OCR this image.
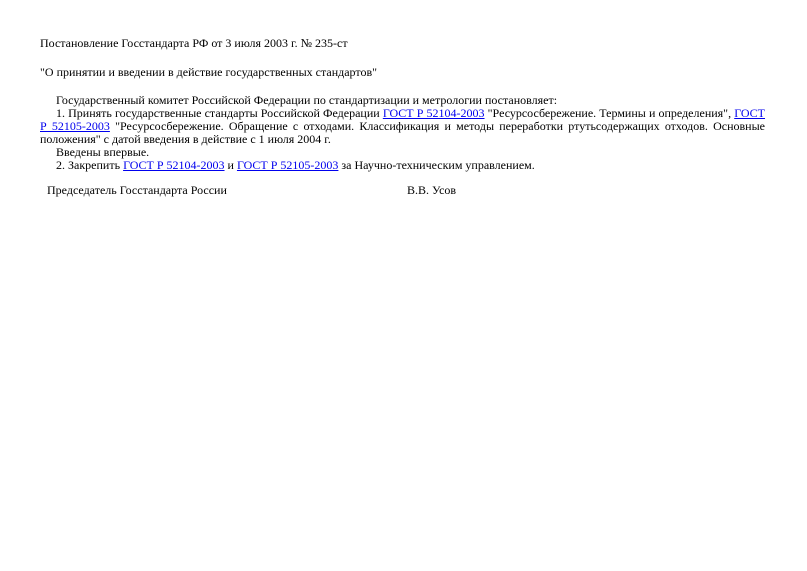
Постановление Госстандарта РФ от 3 июля 2003 г. № 235-ст

"О принятии и введении в действие государственных стандартов"

Государственный комитет Российской Федерации по стандартизации и метрологии постановляет:

1. Принять государственные стандарты Российской Федерации ГОСТ Р 52104-2003 "Ресурсосбережение. Термины и определения", ГОСТ Р 52105-2003 "Ресурсосбережение. Обращение с отходами. Классификация и методы переработки ртутьсодержащих отходов. Основные положения" с датой введения в действие с 1 июля 2004 г.

Введены впервые.

2. Закрепить ГОСТ Р 52104-2003 и ГОСТ Р 52105-2003 за Научно-техническим управлением.

Председатель Госстандарта России	В.В. Усов
